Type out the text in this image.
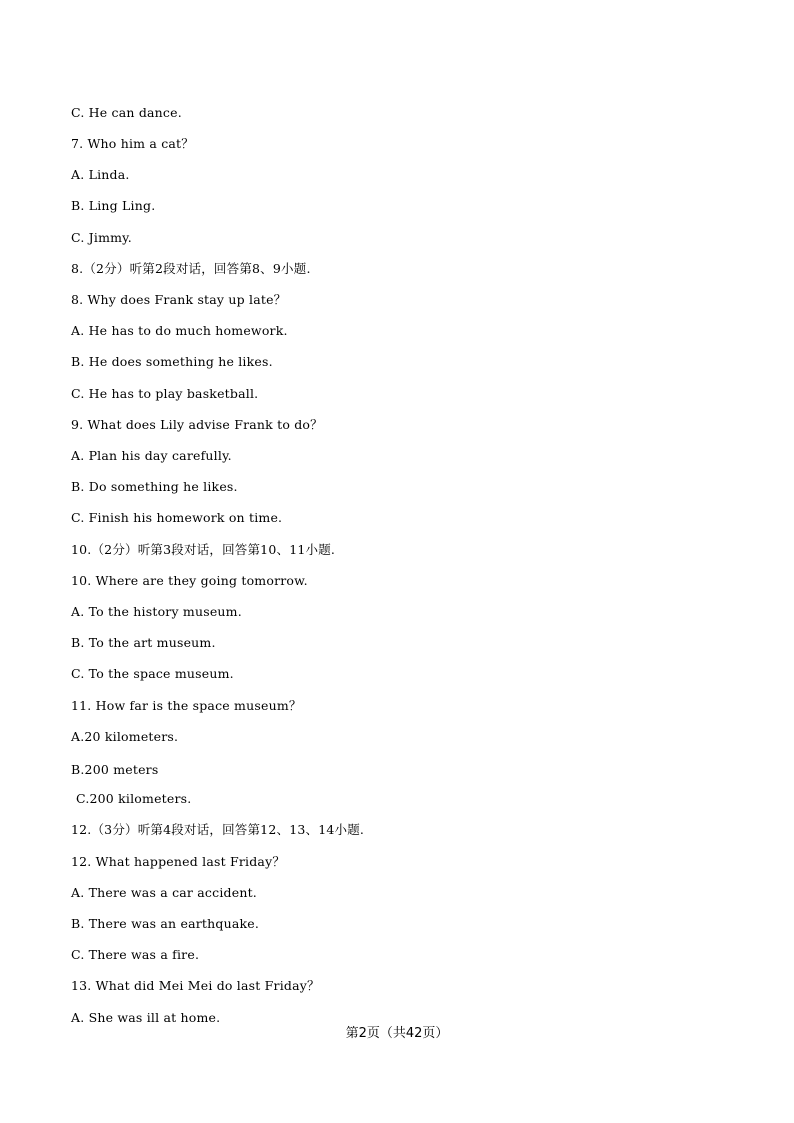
C. He can dance.
7. Who him a cat？
A. Linda.
B. Ling Ling.
C. Jimmy.
8.（2分）听第2段对话，回答第8、9小题.
8. Why does Frank stay up late？
A. He has to do much homework.
B. He does something he likes.
C. He has to play basketball.
9. What does Lily advise Frank to do？
A. Plan his day carefully.
B. Do something he likes.
C. Finish his homework on time.
10.（2分）听第3段对话，回答第10、11小题.
10. Where are they going tomorrow.
A. To the history museum.
B. To the art museum.
C. To the space museum.
11. How far is the space museum？
A.20 kilometers.
B.200 meters
C.200 kilometers.
12.（3分）听第4段对话，回答第12、13、14小题.
12. What happened last Friday？
A. There was a car accident.
B. There was an earthquake.
C. There was a fire.
13. What did Mei Mei do last Friday？
A. She was ill at home.
第2页（共42页）
